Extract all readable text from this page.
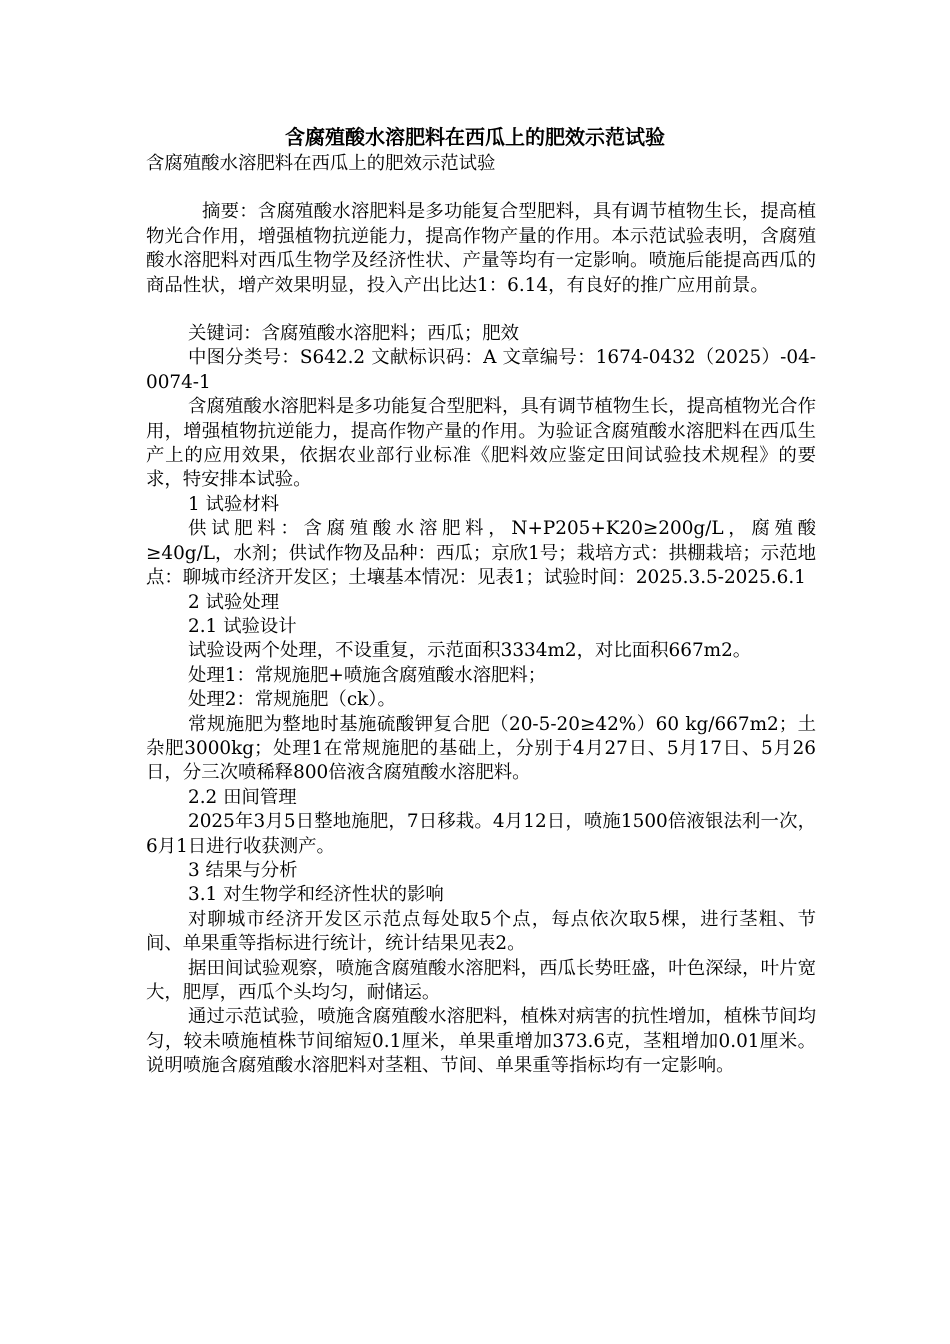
含腐殖酸水溶肥料在西瓜上的肥效示范试验

含腐殖酸水溶肥料在西瓜上的肥效示范试验

摘要：含腐殖酸水溶肥料是多功能复合型肥料，具有调节植物生长，提高植物光合作用，增强植物抗逆能力，提高作物产量的作用。本示范试验表明，含腐殖酸水溶肥料对西瓜生物学及经济性状、产量等均有一定影响。喷施后能提高西瓜的商品性状，增产效果明显，投入产出比达1：6.14，有良好的推广应用前景。

关键词：含腐殖酸水溶肥料；西瓜；肥效

中图分类号：S642.2 文献标识码：A 文章编号：1674-0432（2025）-04-0074-1

含腐殖酸水溶肥料是多功能复合型肥料，具有调节植物生长，提高植物光合作用，增强植物抗逆能力，提高作物产量的作用。为验证含腐殖酸水溶肥料在西瓜生产上的应用效果，依据农业部行业标准《肥料效应鉴定田间试验技术规程》的要求，特安排本试验。

1 试验材料

供试肥料：含腐殖酸水溶肥料，N+P205+K20≥200g/L，腐殖酸≥40g/L，水剂；供试作物及品种：西瓜；京欣1号；栽培方式：拱棚栽培；示范地点：聊城市经济开发区；土壤基本情况：见表1；试验时间：2025.3.5-2025.6.1

2 试验处理

2.1 试验设计

试验设两个处理，不设重复，示范面积3334m2，对比面积667m2。

处理1：常规施肥+喷施含腐殖酸水溶肥料；

处理2：常规施肥（ck）。

常规施肥为整地时基施硫酸钾复合肥（20-5-20≥42%）60 kg/667m2；土杂肥3000kg；处理1在常规施肥的基础上，分别于4月27日、5月17日、5月26日，分三次喷稀释800倍液含腐殖酸水溶肥料。

2.2 田间管理

2025年3月5日整地施肥，7日移栽。4月12日，喷施1500倍液银法利一次，6月1日进行收获测产。

3 结果与分析

3.1 对生物学和经济性状的影响

对聊城市经济开发区示范点每处取5个点，每点依次取5棵，进行茎粗、节间、单果重等指标进行统计，统计结果见表2。

据田间试验观察，喷施含腐殖酸水溶肥料，西瓜长势旺盛，叶色深绿，叶片宽大，肥厚，西瓜个头均匀，耐储运。

通过示范试验，喷施含腐殖酸水溶肥料，植株对病害的抗性增加，植株节间均匀，较未喷施植株节间缩短0.1厘米，单果重增加373.6克，茎粗增加0.01厘米。说明喷施含腐殖酸水溶肥料对茎粗、节间、单果重等指标均有一定影响。
